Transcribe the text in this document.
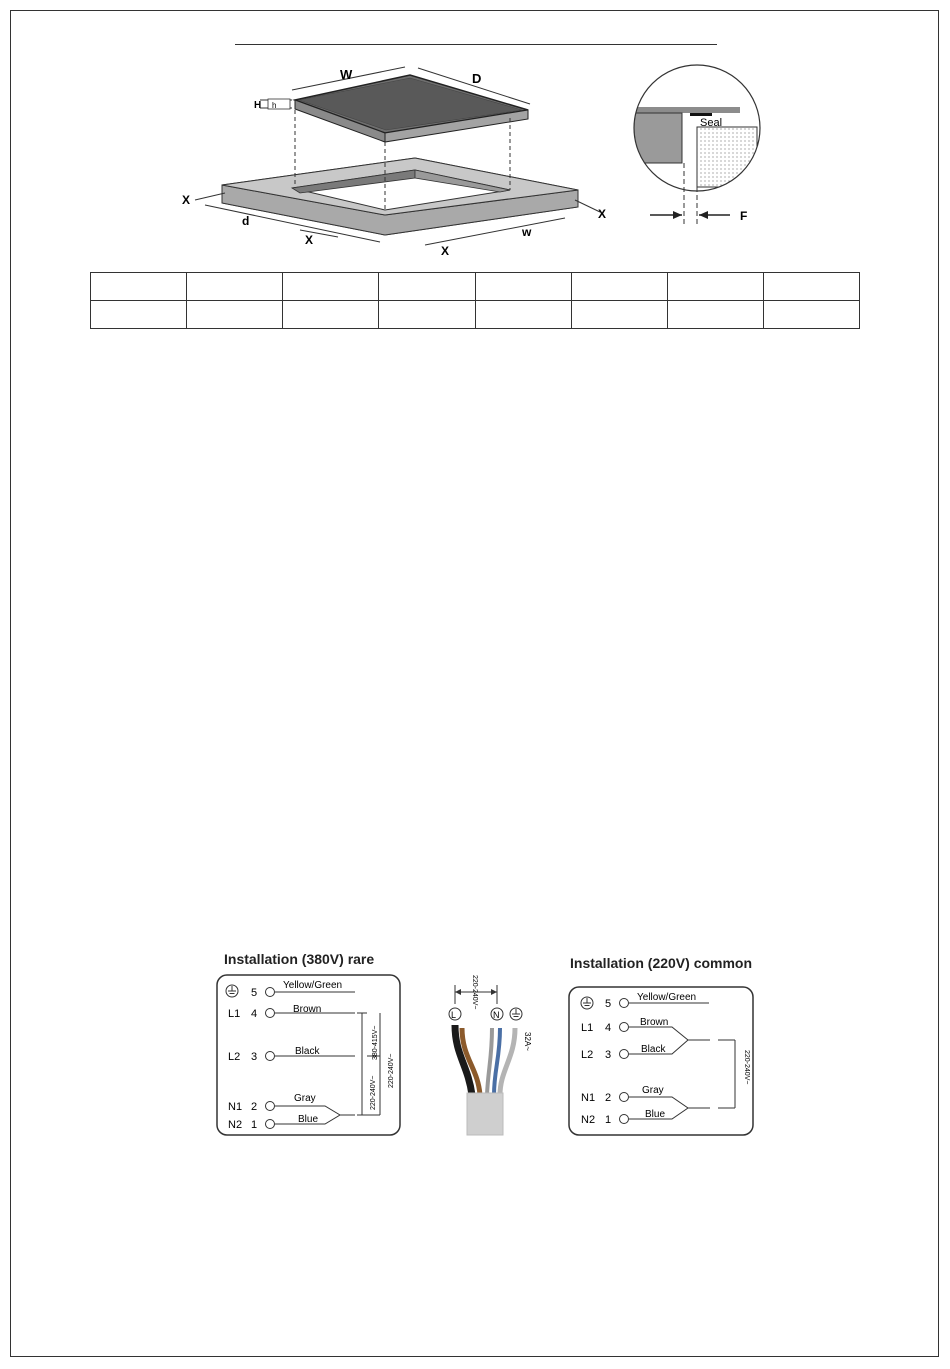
W	D
H h
X
d
X
X
w
X
Seal
F

Installation (380V) rare	Installation (220V) common
L1
L2
N1
N2
5
4
3
2
1
Yellow/Green
Brown
Black
Gray
Blue
380-415V~
220-240V~
220-240V~
L	N
220-240V~
32A~
L1
L2
N1
N2
5
4
3
2
1
Yellow/Green
Brown
Black
Gray
Blue
220-240V~
